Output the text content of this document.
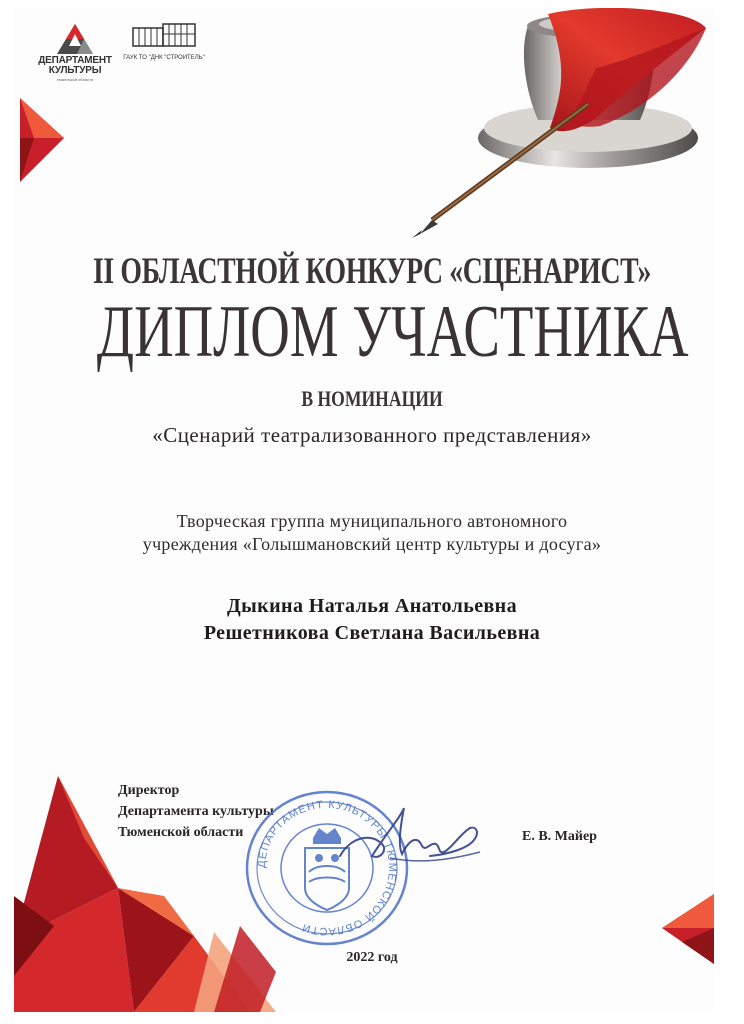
ДЕПАРТАМЕНТ
КУЛЬТУРЫ
тюменской области
ГАУК ТО "ДНК "СТРОИТЕЛЬ"
II ОБЛАСТНОЙ КОНКУРС «СЦЕНАРИСТ»
ДИПЛОМ УЧАСТНИКА
В НОМИНАЦИИ
«Сценарий театрализованного представления»
Творческая группа муниципального автономного
учреждения «Голышмановский центр культуры и досуга»
Дыкина Наталья Анатольевна
Решетникова Светлана Васильевна
Директор
Департамента культуры
Тюменской области
ДЕПАРТАМЕНТ КУЛЬТУРЫ ТЮМЕНСКОЙ ОБЛАСТИ
Е. В. Майер
2022 год
